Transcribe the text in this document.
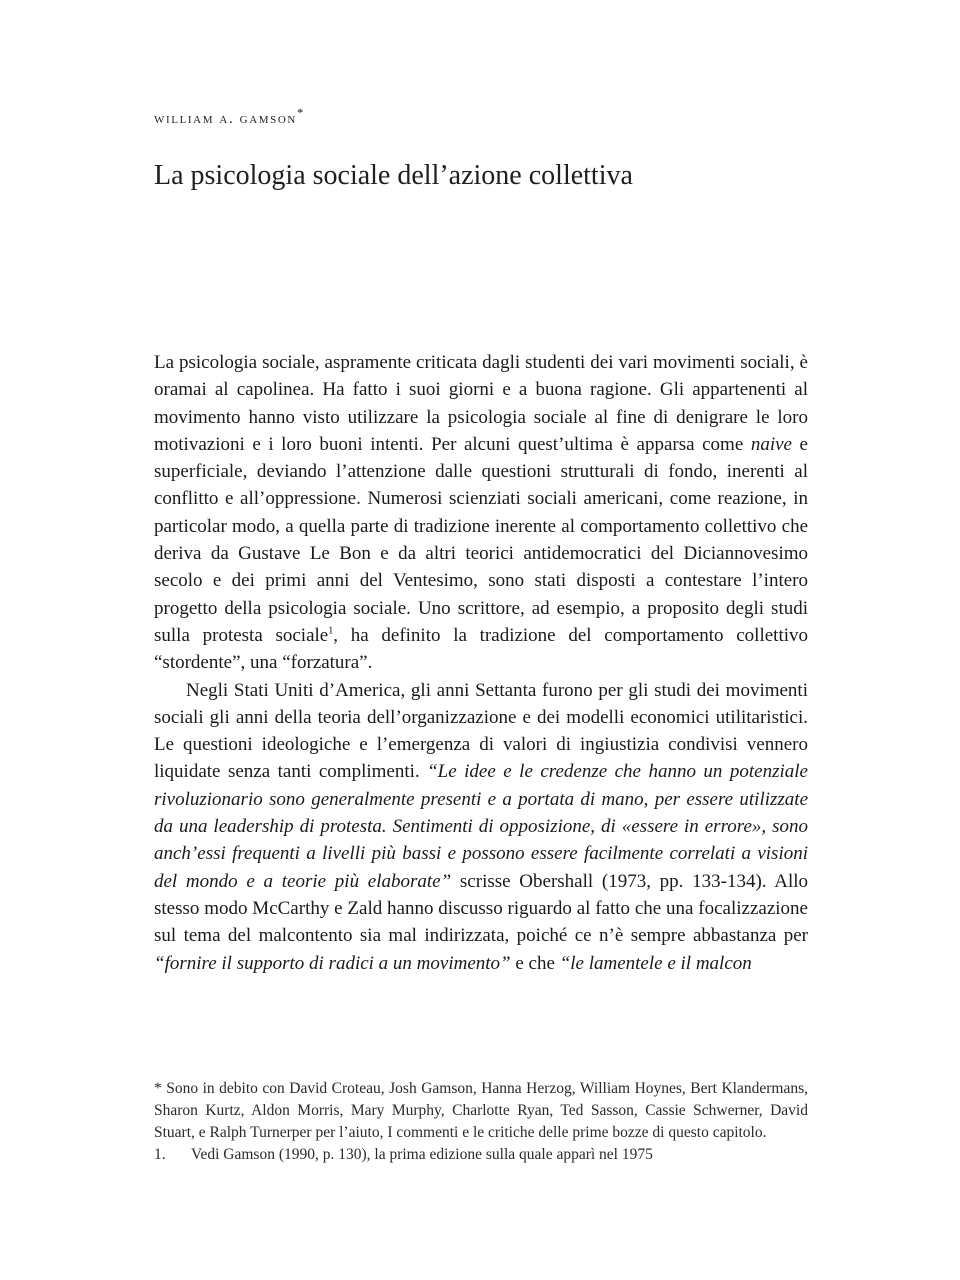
william a. gamson*
La psicologia sociale dell’azione collettiva

La psicologia sociale, aspramente criticata dagli studenti dei vari movimenti sociali, è oramai al capolinea. Ha fatto i suoi giorni e a buona ragione. Gli appartenenti al movimento hanno visto utilizzare la psicologia sociale al fine di denigrare le loro motivazioni e i loro buoni intenti. Per alcuni quest’ultima è apparsa come naive e superficiale, deviando l’attenzione dalle questioni strutturali di fondo, inerenti al conflitto e all’oppressione. Numerosi scienziati sociali americani, come reazione, in particolar modo, a quella parte di tradizione inerente al comportamento collettivo che deriva da Gustave Le Bon e da altri teorici antidemocratici del Diciannovesimo secolo e dei primi anni del Ventesimo, sono stati disposti a contestare l’intero progetto della psicologia sociale. Uno scrittore, ad esempio, a proposito degli studi sulla protesta sociale$^1$, ha definito la tradizione del comportamento collettivo “stordente”, una “forzatura”.

Negli Stati Uniti d’America, gli anni Settanta furono per gli studi dei movimenti sociali gli anni della teoria dell’organizzazione e dei modelli economici utilitaristici. Le questioni ideologiche e l’emergenza di valori di ingiustizia condivisi vennero liquidate senza tanti complimenti. “Le idee e le credenze che hanno un potenziale rivoluzionario sono generalmente presenti e a portata di mano, per essere utilizzate da una leadership di protesta. Sentimenti di opposizione, di «essere in errore», sono anch’essi frequenti a livelli più bassi e possono essere facilmente correlati a visioni del mondo e a teorie più elaborate” scrisse Obershall (1973, pp. 133-134). Allo stesso modo McCarthy e Zald hanno discusso riguardo al fatto che una focalizzazione sul tema del malcontento sia mal indirizzata, poiché ce n’è sempre abbastanza per “fornire il supporto di radici a un movimento” e che “le lamentele e il malcon

* Sono in debito con David Croteau, Josh Gamson, Hanna Herzog, William Hoynes, Bert Klandermans, Sharon Kurtz, Aldon Morris, Mary Murphy, Charlotte Ryan, Ted Sasson, Cassie Schwerner, David Stuart, e Ralph Turnerper per l’aiuto, I commenti e le critiche delle prime bozze di questo capitolo.

1. Vedi Gamson (1990, p. 130), la prima edizione sulla quale apparì nel 1975
